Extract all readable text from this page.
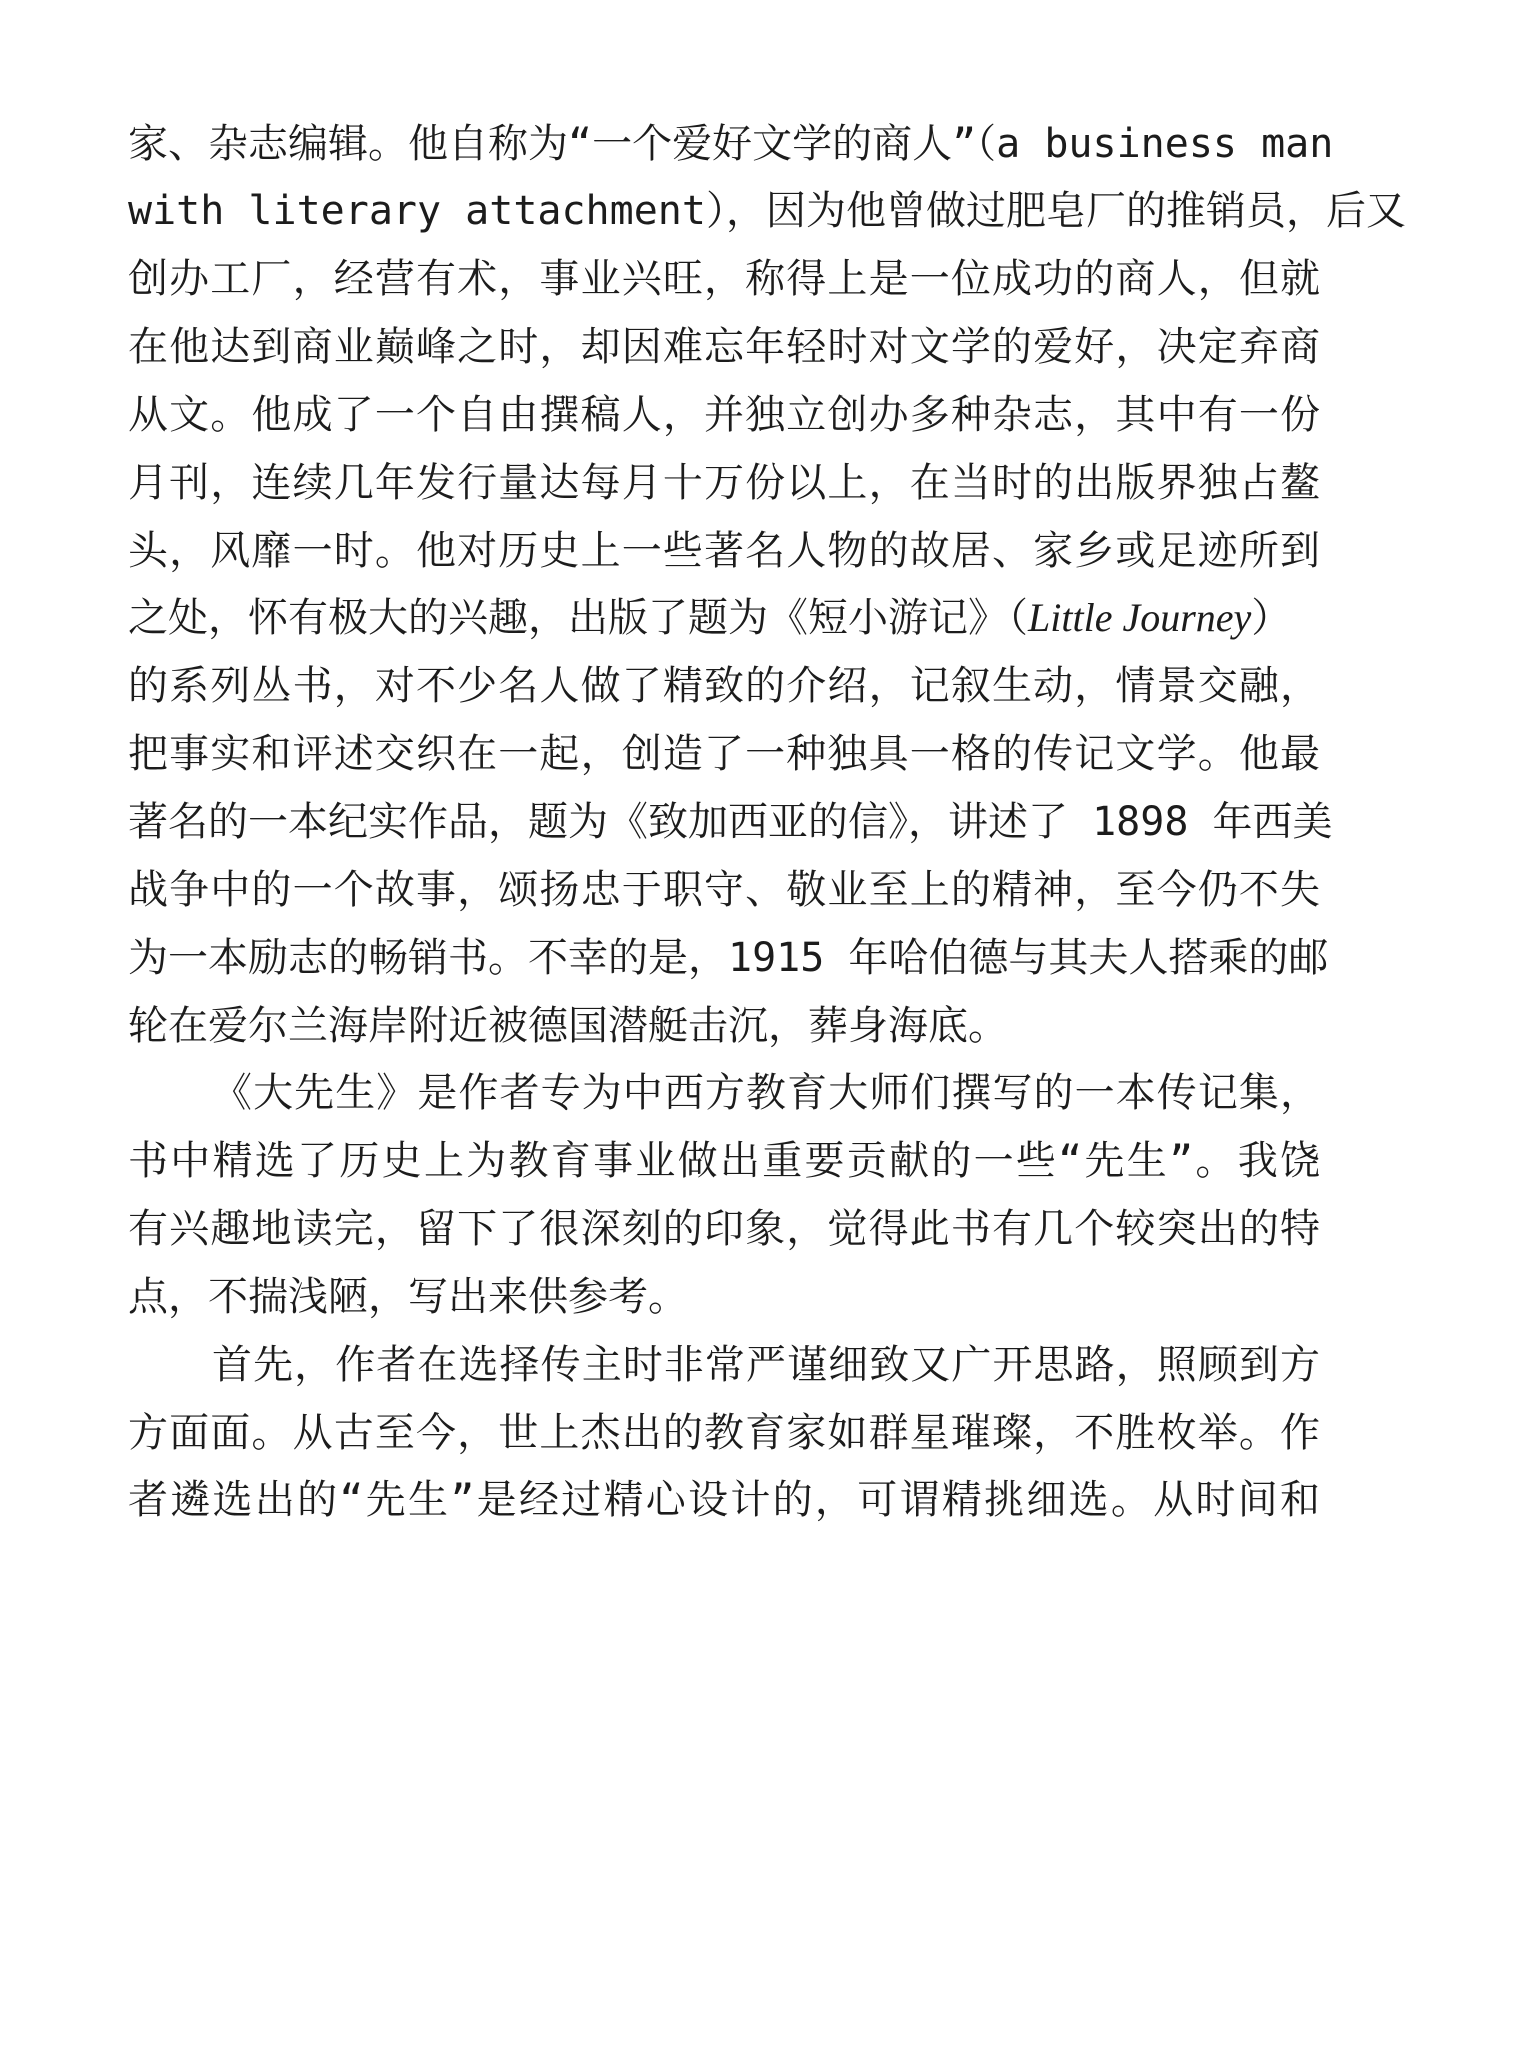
家、杂志编辑。他自称为“一个爱好文学的商人”（a business man
with literary attachment），因为他曾做过肥皂厂的推销员，后又
创办工厂，经营有术，事业兴旺，称得上是一位成功的商人，但就
在他达到商业巅峰之时，却因难忘年轻时对文学的爱好，决定弃商
从文。他成了一个自由撰稿人，并独立创办多种杂志，其中有一份
月刊，连续几年发行量达每月十万份以上，在当时的出版界独占鳌
头，风靡一时。他对历史上一些著名人物的故居、家乡或足迹所到
之处，怀有极大的兴趣，出版了题为《短小游记》（Little Journey）
的系列丛书，对不少名人做了精致的介绍，记叙生动，情景交融，
把事实和评述交织在一起，创造了一种独具一格的传记文学。他最
著名的一本纪实作品，题为《致加西亚的信》，讲述了 1898 年西美
战争中的一个故事，颂扬忠于职守、敬业至上的精神，至今仍不失
为一本励志的畅销书。不幸的是，1915 年哈伯德与其夫人搭乘的邮
轮在爱尔兰海岸附近被德国潜艇击沉，葬身海底。
《大先生》是作者专为中西方教育大师们撰写的一本传记集，
书中精选了历史上为教育事业做出重要贡献的一些“先生”。我饶
有兴趣地读完，留下了很深刻的印象，觉得此书有几个较突出的特
点，不揣浅陋，写出来供参考。
首先，作者在选择传主时非常严谨细致又广开思路，照顾到方
方面面。从古至今，世上杰出的教育家如群星璀璨，不胜枚举。作
者遴选出的“先生”是经过精心设计的，可谓精挑细选。从时间和
